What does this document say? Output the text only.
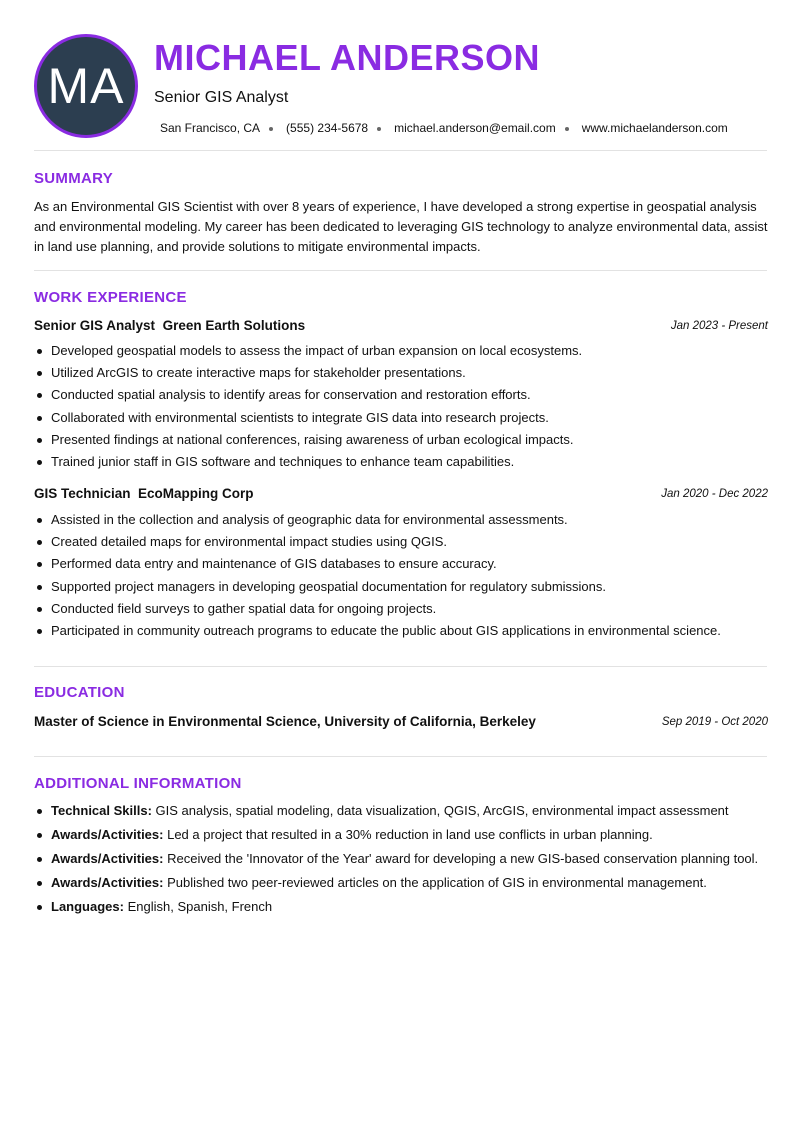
MA
MICHAEL ANDERSON
Senior GIS Analyst
San Francisco, CA (555) 234-5678 michael.anderson@email.com www.michaelanderson.com
SUMMARY
As an Environmental GIS Scientist with over 8 years of experience, I have developed a strong expertise in geospatial analysis and environmental modeling. My career has been dedicated to leveraging GIS technology to analyze environmental data, assist in land use planning, and provide solutions to mitigate environmental impacts.
WORK EXPERIENCE
Senior GIS Analyst Green Earth Solutions	Jan 2023 - Present
Developed geospatial models to assess the impact of urban expansion on local ecosystems.
Utilized ArcGIS to create interactive maps for stakeholder presentations.
Conducted spatial analysis to identify areas for conservation and restoration efforts.
Collaborated with environmental scientists to integrate GIS data into research projects.
Presented findings at national conferences, raising awareness of urban ecological impacts.
Trained junior staff in GIS software and techniques to enhance team capabilities.
GIS Technician EcoMapping Corp	Jan 2020 - Dec 2022
Assisted in the collection and analysis of geographic data for environmental assessments.
Created detailed maps for environmental impact studies using QGIS.
Performed data entry and maintenance of GIS databases to ensure accuracy.
Supported project managers in developing geospatial documentation for regulatory submissions.
Conducted field surveys to gather spatial data for ongoing projects.
Participated in community outreach programs to educate the public about GIS applications in environmental science.
EDUCATION
Master of Science in Environmental Science, University of California, Berkeley	Sep 2019 - Oct 2020
ADDITIONAL INFORMATION
Technical Skills: GIS analysis, spatial modeling, data visualization, QGIS, ArcGIS, environmental impact assessment
Awards/Activities: Led a project that resulted in a 30% reduction in land use conflicts in urban planning.
Awards/Activities: Received the 'Innovator of the Year' award for developing a new GIS-based conservation planning tool.
Awards/Activities: Published two peer-reviewed articles on the application of GIS in environmental management.
Languages: English, Spanish, French
